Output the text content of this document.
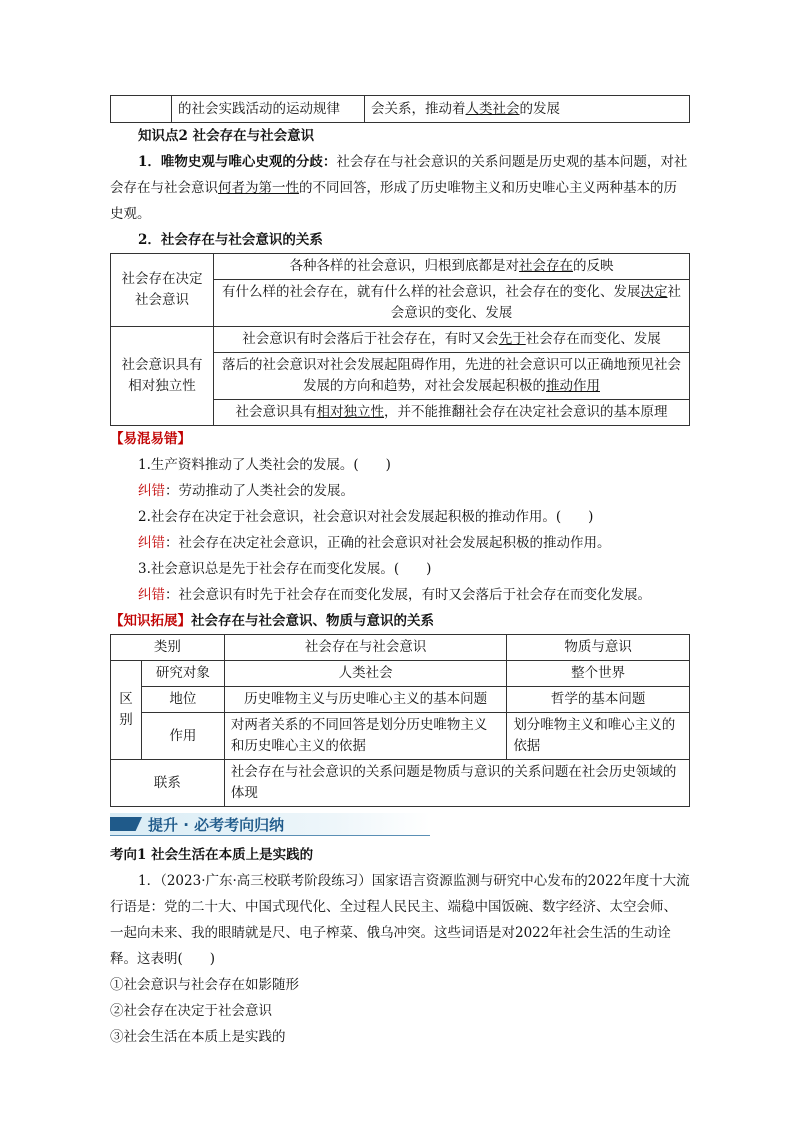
	的社会实践活动的运动规律	会关系，推动着人类社会的发展
知识点2 社会存在与社会意识
1．唯物史观与唯心史观的分歧：社会存在与社会意识的关系问题是历史观的基本问题，对社会存在与社会意识何者为第一性的不同回答，形成了历史唯物主义和历史唯心主义两种基本的历史观。
2．社会存在与社会意识的关系
社会存在决定社会意识	各种各样的社会意识，归根到底都是对社会存在的反映
	有什么样的社会存在，就有什么样的社会意识，社会存在的变化、发展决定社会意识的变化、发展
社会意识具有相对独立性	社会意识有时会落后于社会存在，有时又会先于社会存在而变化、发展
	落后的社会意识对社会发展起阻碍作用，先进的社会意识可以正确地预见社会发展的方向和趋势，对社会发展起积极的推动作用
	社会意识具有相对独立性，并不能推翻社会存在决定社会意识的基本原理
【易混易错】
1.生产资料推动了人类社会的发展。(　　)
纠错：劳动推动了人类社会的发展。
2.社会存在决定于社会意识，社会意识对社会发展起积极的推动作用。(　　)
纠错：社会存在决定社会意识，正确的社会意识对社会发展起积极的推动作用。
3.社会意识总是先于社会存在而变化发展。(　　)
纠错：社会意识有时先于社会存在而变化发展，有时又会落后于社会存在而变化发展。
【知识拓展】社会存在与社会意识、物质与意识的关系
类别		社会存在与社会意识	物质与意识
区别	研究对象	人类社会	整个世界
	地位	历史唯物主义与历史唯心主义的基本问题	哲学的基本问题
	作用	对两者关系的不同回答是划分历史唯物主义和历史唯心主义的依据	划分唯物主义和唯心主义的依据
联系		社会存在与社会意识的关系问题是物质与意识的关系问题在社会历史领域的体现	
提升 · 必考考向归纳
考向1 社会生活在本质上是实践的
1．（2023·广东·高三校联考阶段练习）国家语言资源监测与研究中心发布的2022年度十大流行语是：党的二十大、中国式现代化、全过程人民民主、端稳中国饭碗、数字经济、太空会师、一起向未来、我的眼睛就是尺、电子榨菜、俄乌冲突。这些词语是对2022年社会生活的生动诠释。这表明(　　)
①社会意识与社会存在如影随形
②社会存在决定于社会意识
③社会生活在本质上是实践的
